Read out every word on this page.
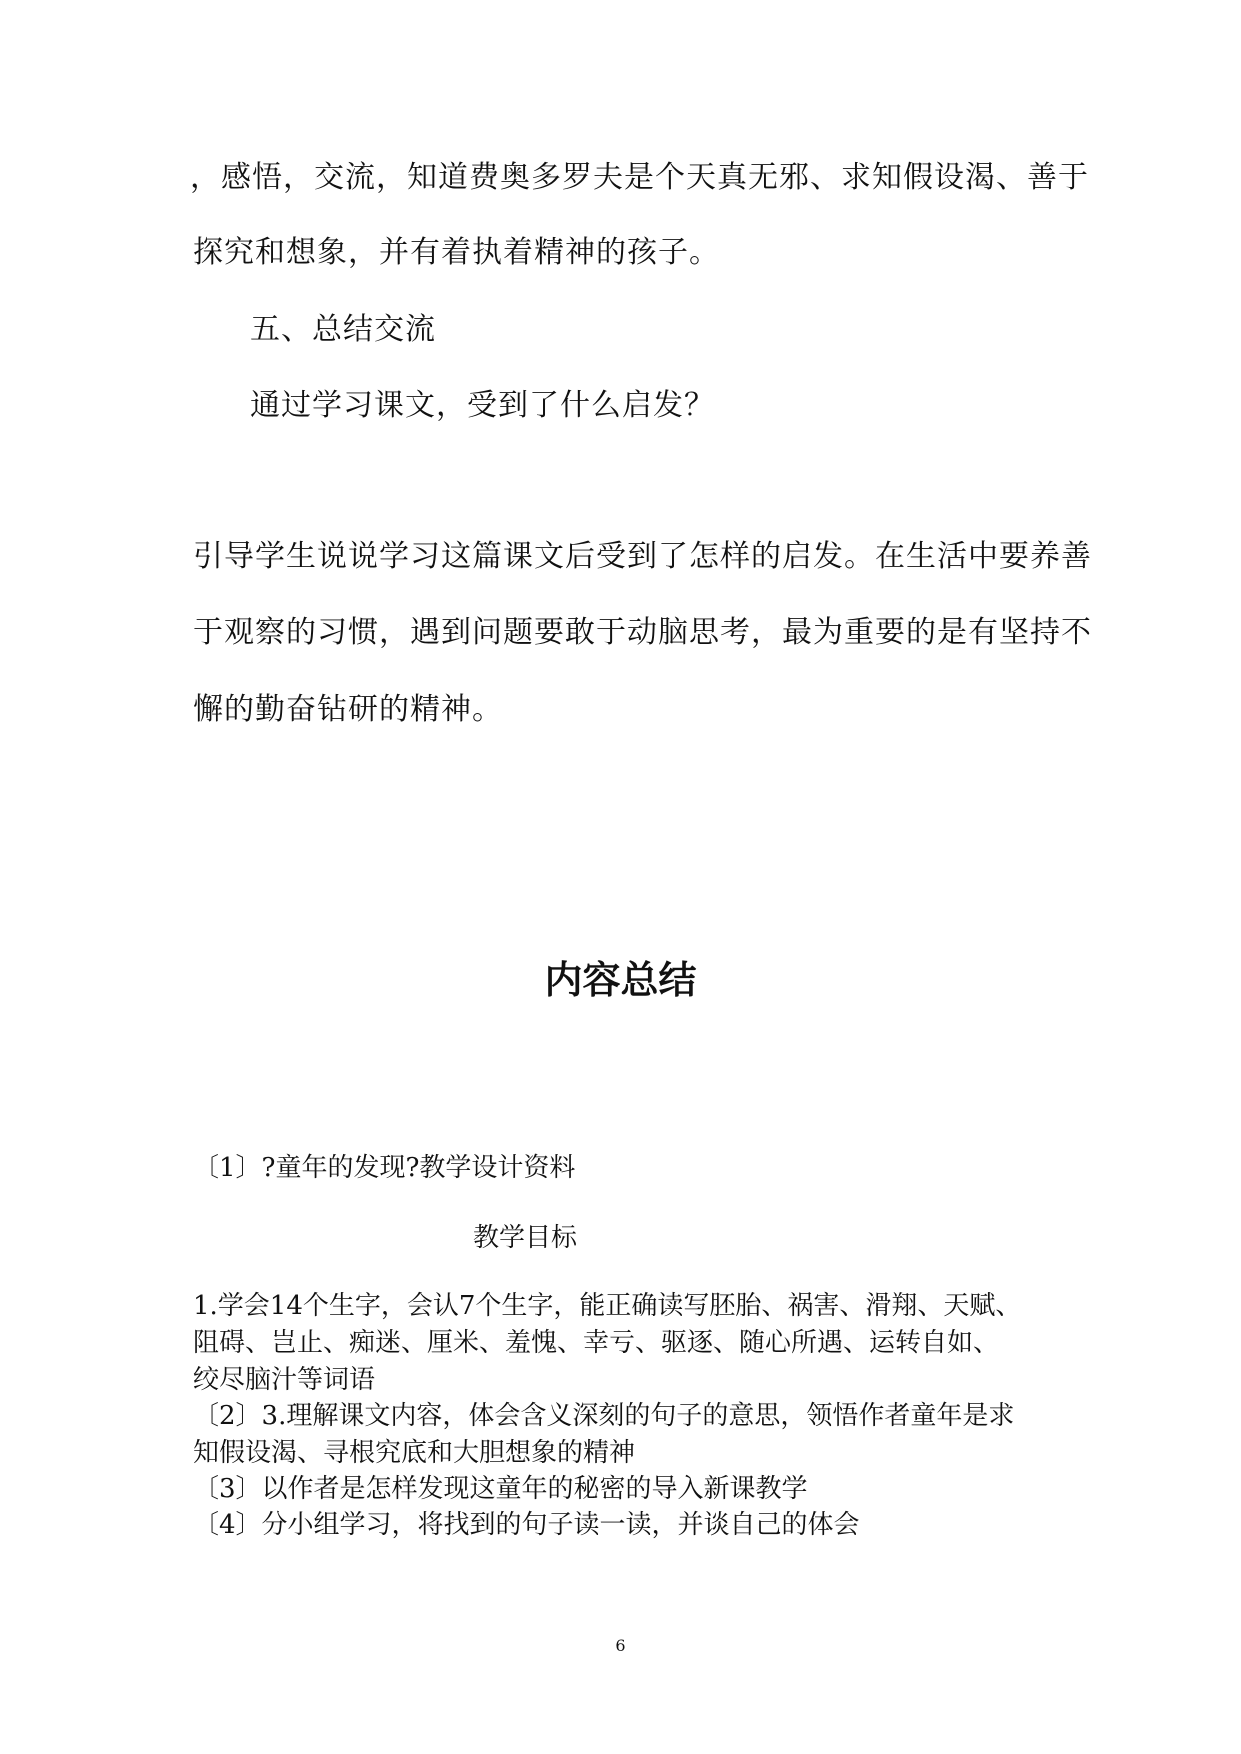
，感悟，交流，知道费奥多罗夫是个天真无邪、求知假设渴、善于
探究和想象，并有着执着精神的孩子。
五、总结交流
通过学习课文，受到了什么启发？
引导学生说说学习这篇课文后受到了怎样的启发。在生活中要养善
于观察的习惯，遇到问题要敢于动脑思考，最为重要的是有坚持不
懈的勤奋钻研的精神。
内容总结
〔1〕?童年的发现?教学设计资料
教学目标
1.学会14个生字，会认7个生字，能正确读写胚胎、祸害、滑翔、天赋、
阻碍、岂止、痴迷、厘米、羞愧、幸亏、驱逐、随心所遇、运转自如、
绞尽脑汁等词语
〔2〕3.理解课文内容，体会含义深刻的句子的意思，领悟作者童年是求
知假设渴、寻根究底和大胆想象的精神
〔3〕以作者是怎样发现这童年的秘密的导入新课教学
〔4〕分小组学习，将找到的句子读一读，并谈自己的体会
6
